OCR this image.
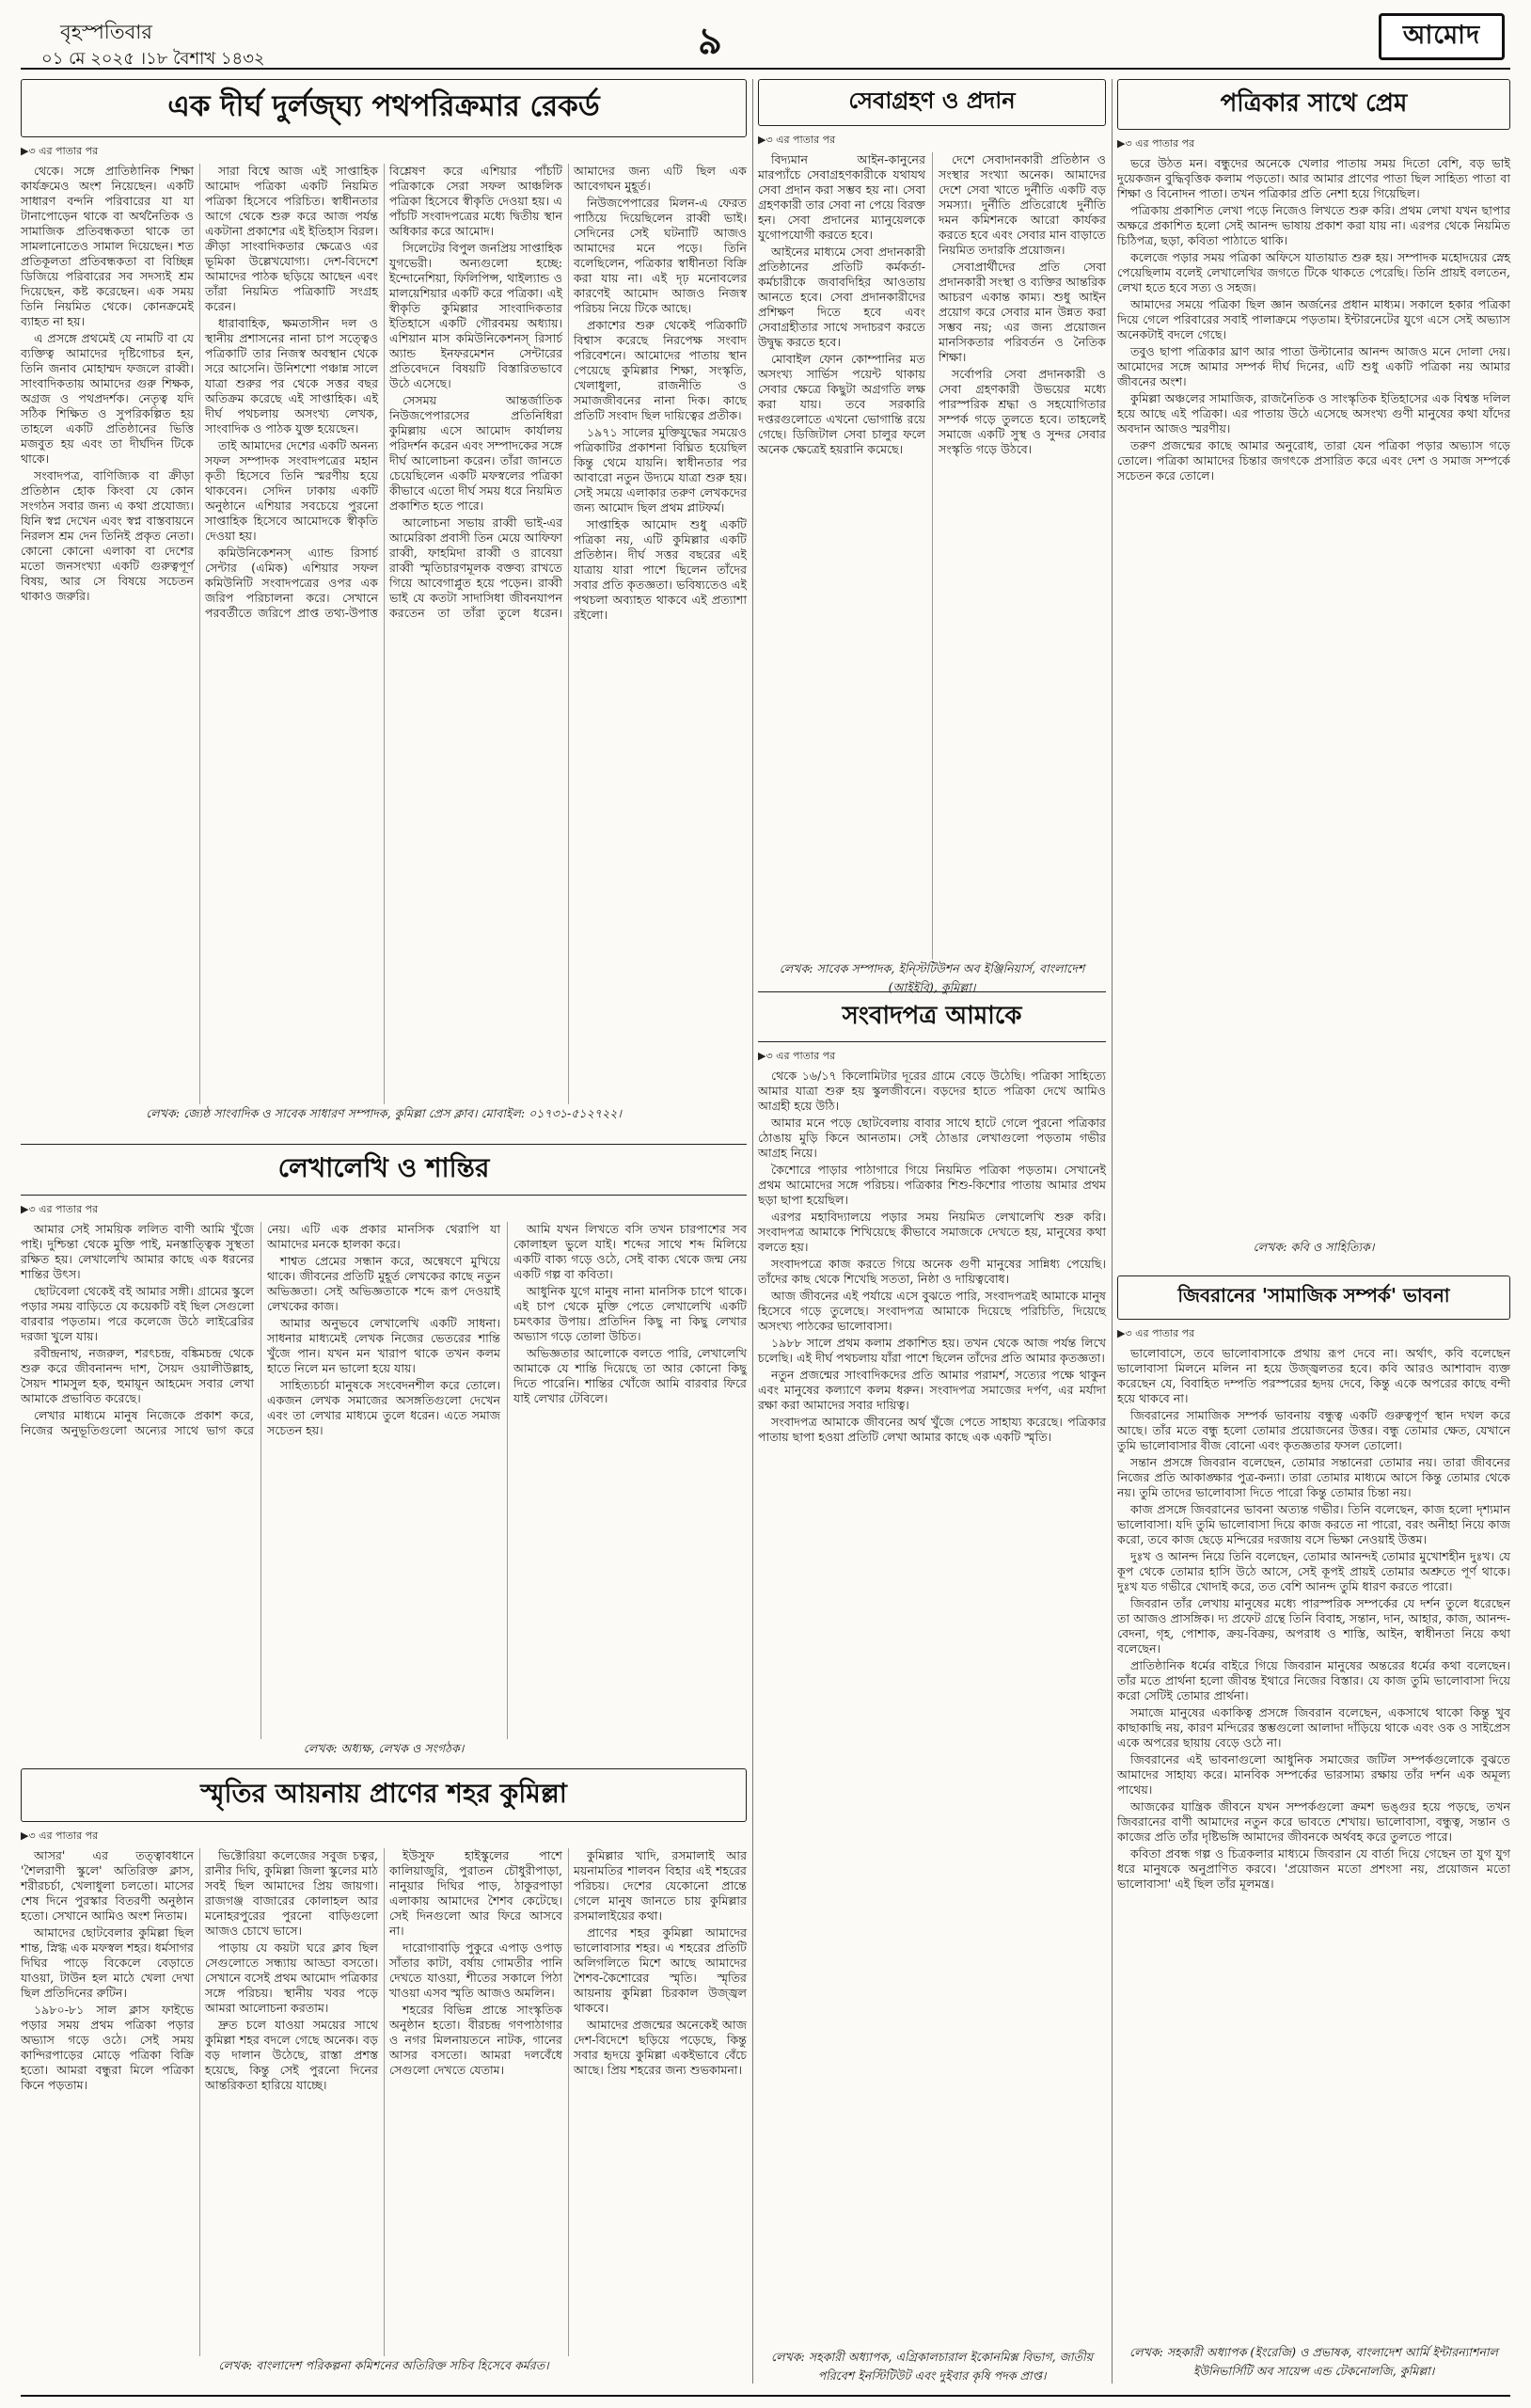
বৃহস্পতিবার
০১ মে ২০২৫ ।১৮ বৈশাখ ১৪৩২	৯	আমোদ
এক দীর্ঘ দুর্লজ্ঘ্য পথপরিক্রমার রেকর্ড
▶৩ এর পাতার পর

থেকে। সঙ্গে প্রাতিষ্ঠানিক শিক্ষা কার্যক্রমেও অংশ নিয়েছেন। একটি সাধারণ বন্দনি পরিবারের যা যা টানাপোড়েন থাকে বা অর্থনৈতিক ও সামাজিক প্রতিবন্ধকতা থাকে তা সামলানোতেও সামাল দিয়েছেন। শত প্রতিকূলতা প্রতিবন্ধকতা বা বিচ্ছিন্ন ডিজিয়ে পরিবারের সব সদস্যই শ্রম দিয়েছেন, কষ্ট করেছেন। এক সময় তিনি নিয়মিত থেকে। কোনক্রমেই ব্যাহত না হয়।

এ প্রসঙ্গে প্রথমেই যে নামটি বা যে ব্যক্তিত্ব আমাদের দৃষ্টিগোচর হন, তিনি জনাব মোহাম্মদ ফজলে রাব্বী। সাংবাদিকতায় আমাদের গুরু শিক্ষক, অগ্রজ ও পথপ্রদর্শক। নেতৃত্ব যদি সঠিক শিক্ষিত ও সুপরিকল্পিত হয় তাহলে একটি প্রতিষ্ঠানের ভিত্তি মজবুত হয় এবং তা দীর্ঘদিন টিকে থাকে।

সংবাদপত্র, বাণিজ্যিক বা ক্রীড়া প্রতিষ্ঠান হোক কিংবা যে কোন সংগঠন সবার জন্য এ কথা প্রযোজ্য। যিনি স্বপ্ন দেখেন এবং স্বপ্ন বাস্তবায়নে নিরলস শ্রম দেন তিনিই প্রকৃত নেতা। কোনো কোনো এলাকা বা দেশের মতো জনসংখ্যা একটি গুরুত্বপূর্ণ বিষয়, আর সে বিষয়ে সচেতন থাকাও জরুরি।

সারা বিশ্বে আজ এই সাপ্তাহিক আমোদ পত্রিকা একটি নিয়মিত পত্রিকা হিসেবে পরিচিত। স্বাধীনতার আগে থেকে শুরু করে আজ পর্যন্ত একটানা প্রকাশের এই ইতিহাস বিরল। ক্রীড়া সাংবাদিকতার ক্ষেত্রেও এর ভূমিকা উল্লেখযোগ্য। দেশ-বিদেশে আমাদের পাঠক ছড়িয়ে আছেন এবং তাঁরা নিয়মিত পত্রিকাটি সংগ্রহ করেন।

ধারাবাহিক, ক্ষমতাসীন দল ও স্থানীয় প্রশাসনের নানা চাপ সত্ত্বেও পত্রিকাটি তার নিজস্ব অবস্থান থেকে সরে আসেনি। উনিশশো পঞ্চান্ন সালে যাত্রা শুরুর পর থেকে সত্তর বছর অতিক্রম করেছে এই সাপ্তাহিক। এই দীর্ঘ পথচলায় অসংখ্য লেখক, সাংবাদিক ও পাঠক যুক্ত হয়েছেন।

তাই আমাদের দেশের একটি অনন্য সফল সম্পাদক সংবাদপত্রের মহান কৃতী হিসেবে তিনি স্মরণীয় হয়ে থাকবেন। সেদিন ঢাকায় একটি অনুষ্ঠানে এশিয়ার সবচেয়ে পুরনো সাপ্তাহিক হিসেবে আমোদকে স্বীকৃতি দেওয়া হয়।

কমিউনিকেশনস্ এ্যান্ড রিসার্চ সেন্টার (এমিক) এশিয়ার সফল কমিউনিটি সংবাদপত্রের ওপর এক জরিপ পরিচালনা করে। সেখানে পরবর্তীতে জরিপে প্রাপ্ত তথ্য-উপাত্ত বিশ্লেষণ করে এশিয়ার পাঁচটি পত্রিকাকে সেরা সফল আঞ্চলিক পত্রিকা হিসেবে স্বীকৃতি দেওয়া হয়। এ পাঁচটি সংবাদপত্রের মধ্যে দ্বিতীয় স্থান অধিকার করে আমোদ।

সিলেটের বিপুল জনপ্রিয় সাপ্তাহিক যুগভেরী। অন্যগুলো হচ্ছে: ইন্দোনেশিয়া, ফিলিপিন্স, থাইল্যান্ড ও মালয়েশিয়ার একটি করে পত্রিকা। এই স্বীকৃতি কুমিল্লার সাংবাদিকতার ইতিহাসে একটি গৌরবময় অধ্যায়। এশিয়ান মাস কমিউনিকেশনস্ রিসার্চ অ্যান্ড ইনফরমেশন সেন্টারের প্রতিবেদনে বিষয়টি বিস্তারিতভাবে উঠে এসেছে।

সেসময় আন্তর্জাতিক নিউজপেপারসের প্রতিনিধিরা কুমিল্লায় এসে আমোদ কার্যালয় পরিদর্শন করেন এবং সম্পাদকের সঙ্গে দীর্ঘ আলোচনা করেন। তাঁরা জানতে চেয়েছিলেন একটি মফস্বলের পত্রিকা কীভাবে এতো দীর্ঘ সময় ধরে নিয়মিত প্রকাশিত হতে পারে।

আলোচনা সভায় রাব্বী ভাই-এর আমেরিকা প্রবাসী তিন মেয়ে আফিফা রাব্বী, ফাহমিদা রাব্বী ও রাবেয়া রাব্বী স্মৃতিচারণমূলক বক্তব্য রাখতে গিয়ে আবেগাপ্লুত হয়ে পড়েন। রাব্বী ভাই যে কতটা সাদাসিধা জীবনযাপন করতেন তা তাঁরা তুলে ধরেন। আমাদের জন্য এটি ছিল এক আবেগঘন মুহূর্ত।

নিউজপেপারের মিলন-এ ফেরত পাঠিয়ে দিয়েছিলেন রাব্বী ভাই। সেদিনের সেই ঘটনাটি আজও আমাদের মনে পড়ে। তিনি বলেছিলেন, পত্রিকার স্বাধীনতা বিক্রি করা যায় না। এই দৃঢ় মনোবলের কারণেই আমোদ আজও নিজস্ব পরিচয় নিয়ে টিকে আছে।

প্রকাশের শুরু থেকেই পত্রিকাটি বিশ্বাস করেছে নিরপেক্ষ সংবাদ পরিবেশনে। আমোদের পাতায় স্থান পেয়েছে কুমিল্লার শিক্ষা, সংস্কৃতি, খেলাধুলা, রাজনীতি ও সমাজজীবনের নানা দিক। কাছে প্রতিটি সংবাদ ছিল দায়িত্বের প্রতীক।

১৯৭১ সালের মুক্তিযুদ্ধের সময়েও পত্রিকাটির প্রকাশনা বিঘ্নিত হয়েছিল কিন্তু থেমে যায়নি। স্বাধীনতার পর আবারো নতুন উদ্যমে যাত্রা শুরু হয়। সেই সময়ে এলাকার তরুণ লেখকদের জন্য আমোদ ছিল প্রথম প্লাটফর্ম।

সাপ্তাহিক আমোদ শুধু একটি পত্রিকা নয়, এটি কুমিল্লার একটি প্রতিষ্ঠান। দীর্ঘ সত্তর বছরের এই যাত্রায় যারা পাশে ছিলেন তাঁদের সবার প্রতি কৃতজ্ঞতা। ভবিষ্যতেও এই পথচলা অব্যাহত থাকবে এই প্রত্যাশা রইলো।

লেখক: জ্যেষ্ঠ সাংবাদিক ও সাবেক সাধারণ সম্পাদক, কুমিল্লা প্রেস ক্লাব। মোবাইল: ০১৭৩১-৫১২৭২২।
সেবাগ্রহণ ও প্রদান
▶৩ এর পাতার পর

বিদ্যমান আইন-কানুনের মারপ্যাঁচে সেবাগ্রহণকারীকে যথাযথ সেবা প্রদান করা সম্ভব হয় না। সেবা গ্রহণকারী তার সেবা না পেয়ে বিরক্ত হন। সেবা প্রদানের ম্যানুয়েলকে যুগোপযোগী করতে হবে।

আইনের মাধ্যমে সেবা প্রদানকারী প্রতিষ্ঠানের প্রতিটি কর্মকর্তা-কর্মচারীকে জবাবদিহির আওতায় আনতে হবে। সেবা প্রদানকারীদের প্রশিক্ষণ দিতে হবে এবং সেবাগ্রহীতার সাথে সদাচরণ করতে উদ্বুদ্ধ করতে হবে।

মোবাইল ফোন কোম্পানির মত অসংখ্য সার্ভিস পয়েন্ট থাকায় সেবার ক্ষেত্রে কিছুটা অগ্রগতি লক্ষ করা যায়। তবে সরকারি দপ্তরগুলোতে এখনো ভোগান্তি রয়ে গেছে। ডিজিটাল সেবা চালুর ফলে অনেক ক্ষেত্রেই হয়রানি কমেছে।

দেশে সেবাদানকারী প্রতিষ্ঠান ও সংস্থার সংখ্যা অনেক। আমাদের দেশে সেবা খাতে দুর্নীতি একটি বড় সমস্যা। দুর্নীতি প্রতিরোধে দুর্নীতি দমন কমিশনকে আরো কার্যকর করতে হবে এবং সেবার মান বাড়াতে নিয়মিত তদারকি প্রয়োজন।

সেবাপ্রার্থীদের প্রতি সেবা প্রদানকারী সংস্থা ও ব্যক্তির আন্তরিক আচরণ একান্ত কাম্য। শুধু আইন প্রয়োগ করে সেবার মান উন্নত করা সম্ভব নয়; এর জন্য প্রয়োজন মানসিকতার পরিবর্তন ও নৈতিক শিক্ষা।

সর্বোপরি সেবা প্রদানকারী ও সেবা গ্রহণকারী উভয়ের মধ্যে পারস্পরিক শ্রদ্ধা ও সহযোগিতার সম্পর্ক গড়ে তুলতে হবে। তাহলেই সমাজে একটি সুস্থ ও সুন্দর সেবার সংস্কৃতি গড়ে উঠবে।

লেখক: সাবেক সম্পাদক, ইন্স্টিটিউশন অব ইঞ্জিনিয়ার্স, বাংলাদেশ (আইইবি), কুমিল্লা।
পত্রিকার সাথে প্রেম
▶৩ এর পাতার পর

ভরে উঠত মন। বন্ধুদের অনেকে খেলার পাতায় সময় দিতো বেশি, বড় ভাই দুয়েকজন বুদ্ধিবৃত্তিক কলাম পড়তো। আর আমার প্রাণের পাতা ছিল সাহিত্য পাতা বা শিক্ষা ও বিনোদন পাতা। তখন পত্রিকার প্রতি নেশা হয়ে গিয়েছিল।

পত্রিকায় প্রকাশিত লেখা পড়ে নিজেও লিখতে শুরু করি। প্রথম লেখা যখন ছাপার অক্ষরে প্রকাশিত হলো সেই আনন্দ ভাষায় প্রকাশ করা যায় না। এরপর থেকে নিয়মিত চিঠিপত্র, ছড়া, কবিতা পাঠাতে থাকি।

কলেজে পড়ার সময় পত্রিকা অফিসে যাতায়াত শুরু হয়। সম্পাদক মহোদয়ের স্নেহ পেয়েছিলাম বলেই লেখালেখির জগতে টিকে থাকতে পেরেছি। তিনি প্রায়ই বলতেন, লেখা হতে হবে সত্য ও সহজ।

আমাদের সময়ে পত্রিকা ছিল জ্ঞান অর্জনের প্রধান মাধ্যম। সকালে হকার পত্রিকা দিয়ে গেলে পরিবারের সবাই পালাক্রমে পড়তাম। ইন্টারনেটের যুগে এসে সেই অভ্যাস অনেকটাই বদলে গেছে।

তবুও ছাপা পত্রিকার ঘ্রাণ আর পাতা উল্টানোর আনন্দ আজও মনে দোলা দেয়। আমোদের সঙ্গে আমার সম্পর্ক দীর্ঘ দিনের, এটি শুধু একটি পত্রিকা নয় আমার জীবনের অংশ।

কুমিল্লা অঞ্চলের সামাজিক, রাজনৈতিক ও সাংস্কৃতিক ইতিহাসের এক বিশ্বস্ত দলিল হয়ে আছে এই পত্রিকা। এর পাতায় উঠে এসেছে অসংখ্য গুণী মানুষের কথা যাঁদের অবদান আজও স্মরণীয়।

তরুণ প্রজন্মের কাছে আমার অনুরোধ, তারা যেন পত্রিকা পড়ার অভ্যাস গড়ে তোলে। পত্রিকা আমাদের চিন্তার জগৎকে প্রসারিত করে এবং দেশ ও সমাজ সম্পর্কে সচেতন করে তোলে।

লেখক: কবি ও সাহিত্যিক।
সংবাদপত্র আমাকে
▶৩ এর পাতার পর

থেকে ১৬/১৭ কিলোমিটার দূরের গ্রামে বেড়ে উঠেছি। পত্রিকা সাহিত্যে আমার যাত্রা শুরু হয় স্কুলজীবনে। বড়দের হাতে পত্রিকা দেখে আমিও আগ্রহী হয়ে উঠি।

আমার মনে পড়ে ছোটবেলায় বাবার সাথে হাটে গেলে পুরনো পত্রিকার ঠোঙায় মুড়ি কিনে আনতাম। সেই ঠোঙার লেখাগুলো পড়তাম গভীর আগ্রহ নিয়ে।

কৈশোরে পাড়ার পাঠাগারে গিয়ে নিয়মিত পত্রিকা পড়তাম। সেখানেই প্রথম আমোদের সঙ্গে পরিচয়। পত্রিকার শিশু-কিশোর পাতায় আমার প্রথম ছড়া ছাপা হয়েছিল।

এরপর মহাবিদ্যালয়ে পড়ার সময় নিয়মিত লেখালেখি শুরু করি। সংবাদপত্র আমাকে শিখিয়েছে কীভাবে সমাজকে দেখতে হয়, মানুষের কথা বলতে হয়।

সংবাদপত্রে কাজ করতে গিয়ে অনেক গুণী মানুষের সান্নিধ্য পেয়েছি। তাঁদের কাছ থেকে শিখেছি সততা, নিষ্ঠা ও দায়িত্ববোধ।

আজ জীবনের এই পর্যায়ে এসে বুঝতে পারি, সংবাদপত্রই আমাকে মানুষ হিসেবে গড়ে তুলেছে। সংবাদপত্র আমাকে দিয়েছে পরিচিতি, দিয়েছে অসংখ্য পাঠকের ভালোবাসা।

১৯৮৮ সালে প্রথম কলাম প্রকাশিত হয়। তখন থেকে আজ পর্যন্ত লিখে চলেছি। এই দীর্ঘ পথচলায় যাঁরা পাশে ছিলেন তাঁদের প্রতি আমার কৃতজ্ঞতা।

নতুন প্রজন্মের সাংবাদিকদের প্রতি আমার পরামর্শ, সত্যের পক্ষে থাকুন এবং মানুষের কল্যাণে কলম ধরুন। সংবাদপত্র সমাজের দর্পণ, এর মর্যাদা রক্ষা করা আমাদের সবার দায়িত্ব।

সংবাদপত্র আমাকে জীবনের অর্থ খুঁজে পেতে সাহায্য করেছে। পত্রিকার পাতায় ছাপা হওয়া প্রতিটি লেখা আমার কাছে এক একটি স্মৃতি।

লেখক: সহকারী অধ্যাপক, এগ্রিকালচারাল ইকোনমিক্স বিভাগ, জাতীয় পরিবেশ ইনস্টিটিউট এবং দুইবার কৃষি পদক প্রাপ্ত।
লেখালেখি ও শান্তির
▶৩ এর পাতার পর

আমার সেই সাময়িক ললিত বাণী আমি খুঁজে পাই। দুশ্চিন্তা থেকে মুক্তি পাই, মনস্তাত্ত্বিক সুস্থতা রক্ষিত হয়। লেখালেখি আমার কাছে এক ধরনের শান্তির উৎস।

ছোটবেলা থেকেই বই আমার সঙ্গী। গ্রামের স্কুলে পড়ার সময় বাড়িতে যে কয়েকটি বই ছিল সেগুলো বারবার পড়তাম। পরে কলেজে উঠে লাইব্রেরির দরজা খুলে যায়।

রবীন্দ্রনাথ, নজরুল, শরৎচন্দ্র, বঙ্কিমচন্দ্র থেকে শুরু করে জীবনানন্দ দাশ, সৈয়দ ওয়ালীউল্লাহ, সৈয়দ শামসুল হক, হুমায়ূন আহমেদ সবার লেখা আমাকে প্রভাবিত করেছে।

লেখার মাধ্যমে মানুষ নিজেকে প্রকাশ করে, নিজের অনুভূতিগুলো অন্যের সাথে ভাগ করে নেয়। এটি এক প্রকার মানসিক থেরাপি যা আমাদের মনকে হালকা করে।

শাশ্বত প্রেমের সন্ধান করে, অন্বেষণে মুখিয়ে থাকে। জীবনের প্রতিটি মুহূর্ত লেখকের কাছে নতুন অভিজ্ঞতা। সেই অভিজ্ঞতাকে শব্দে রূপ দেওয়াই লেখকের কাজ।

আমার অনুভবে লেখালেখি একটি সাধনা। সাধনার মাধ্যমেই লেখক নিজের ভেতরের শান্তি খুঁজে পান। যখন মন খারাপ থাকে তখন কলম হাতে নিলে মন ভালো হয়ে যায়।

সাহিত্যচর্চা মানুষকে সংবেদনশীল করে তোলে। একজন লেখক সমাজের অসঙ্গতিগুলো দেখেন এবং তা লেখার মাধ্যমে তুলে ধরেন। এতে সমাজ সচেতন হয়।

আমি যখন লিখতে বসি তখন চারপাশের সব কোলাহল ভুলে যাই। শব্দের সাথে শব্দ মিলিয়ে একটি বাক্য গড়ে ওঠে, সেই বাক্য থেকে জন্ম নেয় একটি গল্প বা কবিতা।

আধুনিক যুগে মানুষ নানা মানসিক চাপে থাকে। এই চাপ থেকে মুক্তি পেতে লেখালেখি একটি চমৎকার উপায়। প্রতিদিন কিছু না কিছু লেখার অভ্যাস গড়ে তোলা উচিত।

অভিজ্ঞতার আলোকে বলতে পারি, লেখালেখি আমাকে যে শান্তি দিয়েছে তা আর কোনো কিছু দিতে পারেনি। শান্তির খোঁজে আমি বারবার ফিরে যাই লেখার টেবিলে।

লেখক: অধ্যক্ষ, লেখক ও সংগঠক।
জিবরানের 'সামাজিক সম্পর্ক' ভাবনা
▶৩ এর পাতার পর

ভালোবাসে, তবে ভালোবাসাকে প্রথায় রূপ দেবে না। অর্থাৎ, কবি বলেছেন ভালোবাসা মিলনে মলিন না হয়ে উজ্জ্বলতর হবে। কবি আরও আশাবাদ ব্যক্ত করেছেন যে, বিবাহিত দম্পতি পরস্পরের হৃদয় দেবে, কিন্তু একে অপরের কাছে বন্দী হয়ে থাকবে না।

জিবরানের সামাজিক সম্পর্ক ভাবনায় বন্ধুত্ব একটি গুরুত্বপূর্ণ স্থান দখল করে আছে। তাঁর মতে বন্ধু হলো তোমার প্রয়োজনের উত্তর। বন্ধু তোমার ক্ষেত, যেখানে তুমি ভালোবাসার বীজ বোনো এবং কৃতজ্ঞতার ফসল তোলো।

সন্তান প্রসঙ্গে জিবরান বলেছেন, তোমার সন্তানেরা তোমার নয়। তারা জীবনের নিজের প্রতি আকাঙ্ক্ষার পুত্র-কন্যা। তারা তোমার মাধ্যমে আসে কিন্তু তোমার থেকে নয়। তুমি তাদের ভালোবাসা দিতে পারো কিন্তু তোমার চিন্তা নয়।

কাজ প্রসঙ্গে জিবরানের ভাবনা অত্যন্ত গভীর। তিনি বলেছেন, কাজ হলো দৃশ্যমান ভালোবাসা। যদি তুমি ভালোবাসা দিয়ে কাজ করতে না পারো, বরং অনীহা নিয়ে কাজ করো, তবে কাজ ছেড়ে মন্দিরের দরজায় বসে ভিক্ষা নেওয়াই উত্তম।

দুঃখ ও আনন্দ নিয়ে তিনি বলেছেন, তোমার আনন্দই তোমার মুখোশহীন দুঃখ। যে কূপ থেকে তোমার হাসি উঠে আসে, সেই কূপই প্রায়ই তোমার অশ্রুতে পূর্ণ থাকে। দুঃখ যত গভীরে খোদাই করে, তত বেশি আনন্দ তুমি ধারণ করতে পারো।

জিবরান তাঁর লেখায় মানুষের মধ্যে পারস্পরিক সম্পর্কের যে দর্শন তুলে ধরেছেন তা আজও প্রাসঙ্গিক। দ্য প্রফেট গ্রন্থে তিনি বিবাহ, সন্তান, দান, আহার, কাজ, আনন্দ-বেদনা, গৃহ, পোশাক, ক্রয়-বিক্রয়, অপরাধ ও শাস্তি, আইন, স্বাধীনতা নিয়ে কথা বলেছেন।

প্রাতিষ্ঠানিক ধর্মের বাইরে গিয়ে জিবরান মানুষের অন্তরের ধর্মের কথা বলেছেন। তাঁর মতে প্রার্থনা হলো জীবন্ত ইথারে নিজের বিস্তার। যে কাজ তুমি ভালোবাসা দিয়ে করো সেটিই তোমার প্রার্থনা।

সমাজে মানুষের একাকিত্ব প্রসঙ্গে জিবরান বলেছেন, একসাথে থাকো কিন্তু খুব কাছাকাছি নয়, কারণ মন্দিরের স্তম্ভগুলো আলাদা দাঁড়িয়ে থাকে এবং ওক ও সাইপ্রেস একে অপরের ছায়ায় বেড়ে ওঠে না।

জিবরানের এই ভাবনাগুলো আধুনিক সমাজের জটিল সম্পর্কগুলোকে বুঝতে আমাদের সাহায্য করে। মানবিক সম্পর্কের ভারসাম্য রক্ষায় তাঁর দর্শন এক অমূল্য পাথেয়।

আজকের যান্ত্রিক জীবনে যখন সম্পর্কগুলো ক্রমশ ভঙ্গুর হয়ে পড়ছে, তখন জিবরানের বাণী আমাদের নতুন করে ভাবতে শেখায়। ভালোবাসা, বন্ধুত্ব, সন্তান ও কাজের প্রতি তাঁর দৃষ্টিভঙ্গি আমাদের জীবনকে অর্থবহ করে তুলতে পারে।

কবিতা প্রবন্ধ গল্প ও চিত্রকলার মাধ্যমে জিবরান যে বার্তা দিয়ে গেছেন তা যুগ যুগ ধরে মানুষকে অনুপ্রাণিত করবে। 'প্রয়োজন মতো প্রশংসা নয়, প্রয়োজন মতো ভালোবাসা' এই ছিল তাঁর মূলমন্ত্র।

লেখক: সহকারী অধ্যাপক (ইংরেজি) ও প্রভাষক, বাংলাদেশ আর্মি ইন্টারন্যাশনাল ইউনিভার্সিটি অব সায়েন্স এন্ড টেকনোলজি, কুমিল্লা।
স্মৃতির আয়নায় প্রাণের শহর কুমিল্লা
▶৩ এর পাতার পর

আসর' এর তত্ত্বাবধানে 'শৈলরাণী স্কুলে' অতিরিক্ত ক্লাস, শরীরচর্চা, খেলাধুলা চলতো। মাসের শেষ দিনে পুরস্কার বিতরণী অনুষ্ঠান হতো। সেখানে আমিও অংশ নিতাম।

আমাদের ছোটবেলার কুমিল্লা ছিল শান্ত, স্নিগ্ধ এক মফস্বল শহর। ধর্মসাগর দিঘির পাড়ে বিকেলে বেড়াতে যাওয়া, টাউন হল মাঠে খেলা দেখা ছিল প্রতিদিনের রুটিন।

১৯৮০-৮১ সাল ক্লাস ফাইভে পড়ার সময় প্রথম পত্রিকা পড়ার অভ্যাস গড়ে ওঠে। সেই সময় কান্দিরপাড়ের মোড়ে পত্রিকা বিক্রি হতো। আমরা বন্ধুরা মিলে পত্রিকা কিনে পড়তাম।

ভিক্টোরিয়া কলেজের সবুজ চত্বর, রানীর দিঘি, কুমিল্লা জিলা স্কুলের মাঠ সবই ছিল আমাদের প্রিয় জায়গা। রাজগঞ্জ বাজারের কোলাহল আর মনোহরপুরের পুরনো বাড়িগুলো আজও চোখে ভাসে।

পাড়ায় যে কয়টা ঘরে ক্লাব ছিল সেগুলোতে সন্ধ্যায় আড্ডা বসতো। সেখানে বসেই প্রথম আমোদ পত্রিকার সঙ্গে পরিচয়। স্থানীয় খবর পড়ে আমরা আলোচনা করতাম।

দ্রুত চলে যাওয়া সময়ের সাথে কুমিল্লা শহর বদলে গেছে অনেক। বড় বড় দালান উঠেছে, রাস্তা প্রশস্ত হয়েছে, কিন্তু সেই পুরনো দিনের আন্তরিকতা হারিয়ে যাচ্ছে।

ইউসুফ হাইস্কুলের পাশে কালিয়াজুরি, পুরাতন চৌধুরীপাড়া, নানুয়ার দিঘির পাড়, ঠাকুরপাড়া এলাকায় আমাদের শৈশব কেটেছে। সেই দিনগুলো আর ফিরে আসবে না।

দারোগাবাড়ি পুকুরে এপাড় ওপাড় সাঁতার কাটা, বর্ষায় গোমতীর পানি দেখতে যাওয়া, শীতের সকালে পিঠা খাওয়া এসব স্মৃতি আজও অমলিন।

শহরের বিভিন্ন প্রান্তে সাংস্কৃতিক অনুষ্ঠান হতো। বীরচন্দ্র গণপাঠাগার ও নগর মিলনায়তনে নাটক, গানের আসর বসতো। আমরা দলবেঁধে সেগুলো দেখতে যেতাম।

কুমিল্লার খাদি, রসমালাই আর ময়নামতির শালবন বিহার এই শহরের পরিচয়। দেশের যেকোনো প্রান্তে গেলে মানুষ জানতে চায় কুমিল্লার রসমালাইয়ের কথা।

প্রাণের শহর কুমিল্লা আমাদের ভালোবাসার শহর। এ শহরের প্রতিটি অলিগলিতে মিশে আছে আমাদের শৈশব-কৈশোরের স্মৃতি। স্মৃতির আয়নায় কুমিল্লা চিরকাল উজ্জ্বল থাকবে।

আমাদের প্রজন্মের অনেকেই আজ দেশ-বিদেশে ছড়িয়ে পড়েছে, কিন্তু সবার হৃদয়ে কুমিল্লা একইভাবে বেঁচে আছে। প্রিয় শহরের জন্য শুভকামনা।

লেখক: বাংলাদেশ পরিকল্পনা কমিশনের অতিরিক্ত সচিব হিসেবে কর্মরত।
